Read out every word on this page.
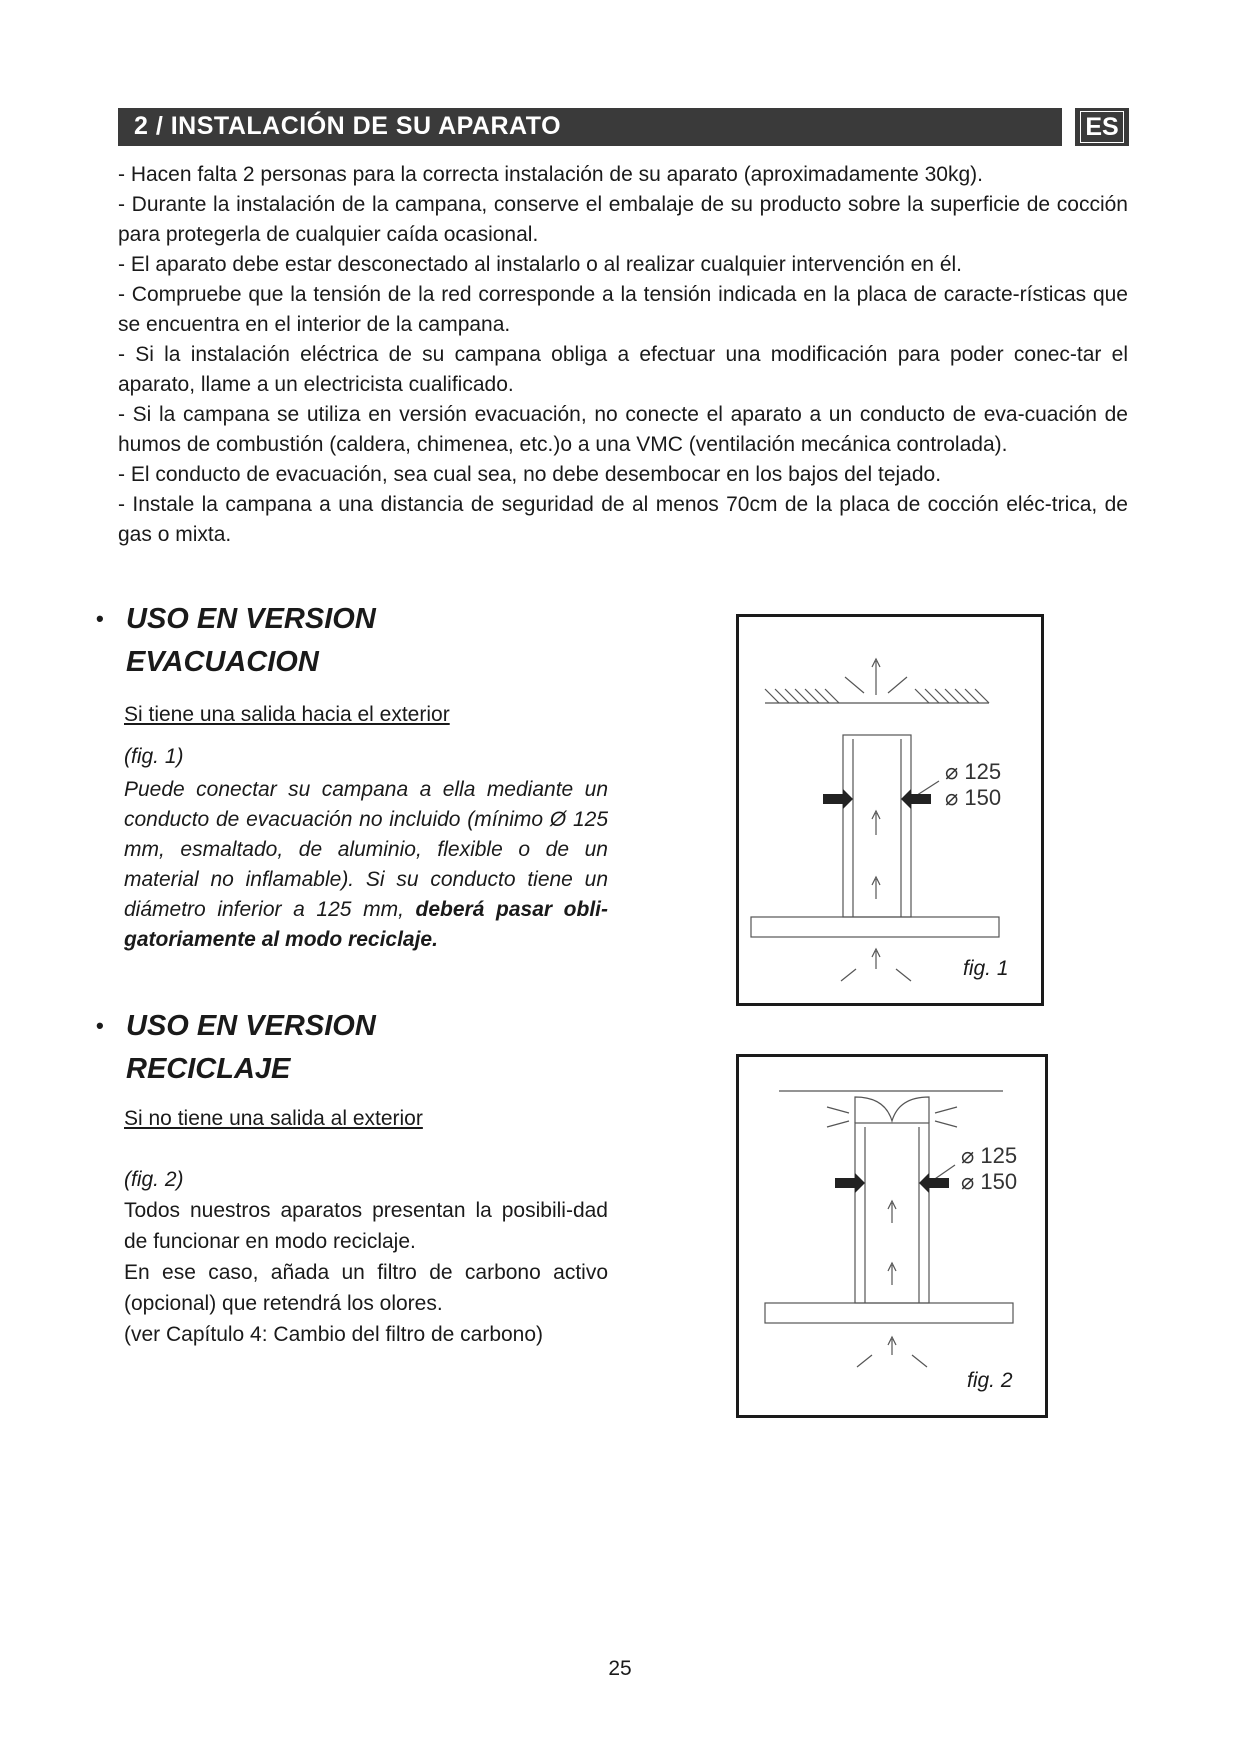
2 / INSTALACIÓN DE SU APARATO	ES

- Hacen falta 2 personas para la correcta instalación de su aparato (aproximadamente 30kg).

- Durante la instalación de la campana, conserve el embalaje de su producto sobre la superficie de cocción para protegerla de cualquier caída ocasional.

- El aparato debe estar desconectado al instalarlo o al realizar cualquier intervención en él.

- Compruebe que la tensión de la red corresponde a la tensión indicada en la placa de caracte-rísticas que se encuentra en el interior de la campana.

- Si la instalación eléctrica de su campana obliga a efectuar una modificación para poder conec-tar el aparato, llame a un electricista cualificado.

- Si la campana se utiliza en versión evacuación, no conecte el aparato a un conducto de eva-cuación de humos de combustión (caldera, chimenea, etc.)o a una VMC (ventilación mecánica controlada).

- El conducto de evacuación, sea cual sea, no debe desembocar en los bajos del tejado.

- Instale la campana a una distancia de seguridad de al menos 70cm de la placa de cocción eléc-trica, de gas o mixta.

• USO EN VERSION
EVACUACION
Si tiene una salida hacia el exterior
(fig. 1)
Puede conectar su campana a ella mediante un conducto de evacuación no incluido (mínimo Ø 125 mm, esmaltado, de aluminio, flexible o de un material no inflamable). Si su conducto tiene un diámetro inferior a 125 mm, deberá pasar obli-gatoriamente al modo reciclaje.
⌀ 125
⌀ 150
fig. 1
• USO EN VERSION
RECICLAJE
Si no tiene una salida al exterior
(fig. 2)

Todos nuestros aparatos presentan la posibili-dad de funcionar en modo reciclaje.

En ese caso, añada un filtro de carbono activo (opcional) que retendrá los olores.

(ver Capítulo 4: Cambio del filtro de carbono)

⌀ 125
⌀ 150
fig. 2
25
